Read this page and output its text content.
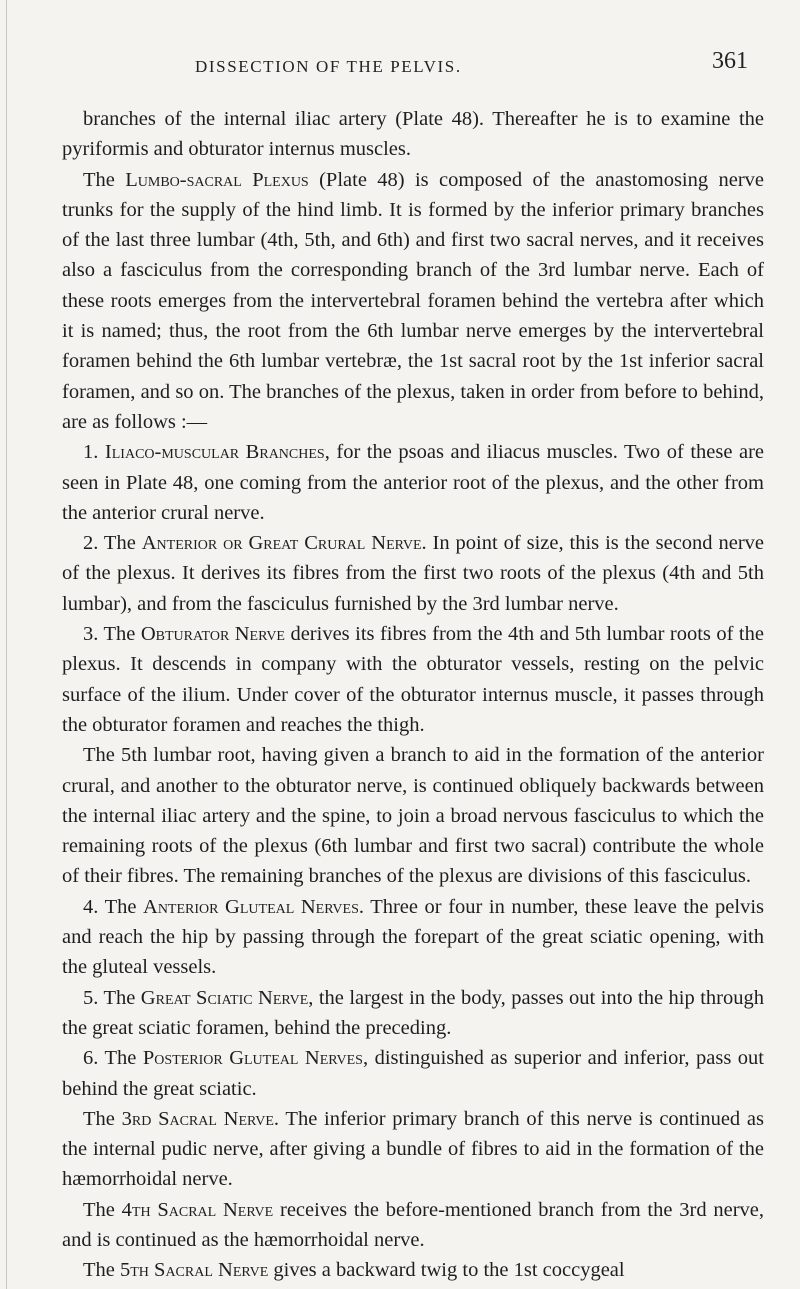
DISSECTION OF THE PELVIS.	361

branches of the internal iliac artery (Plate 48). Thereafter he is to examine the pyriformis and obturator internus muscles.

The Lumbo-sacral Plexus (Plate 48) is composed of the anastomosing nerve trunks for the supply of the hind limb. It is formed by the inferior primary branches of the last three lumbar (4th, 5th, and 6th) and first two sacral nerves, and it receives also a fasciculus from the corresponding branch of the 3rd lumbar nerve. Each of these roots emerges from the intervertebral foramen behind the vertebra after which it is named; thus, the root from the 6th lumbar nerve emerges by the intervertebral foramen behind the 6th lumbar vertebræ, the 1st sacral root by the 1st inferior sacral foramen, and so on. The branches of the plexus, taken in order from before to behind, are as follows :—

1. Iliaco-muscular Branches, for the psoas and iliacus muscles. Two of these are seen in Plate 48, one coming from the anterior root of the plexus, and the other from the anterior crural nerve.

2. The Anterior or Great Crural Nerve. In point of size, this is the second nerve of the plexus. It derives its fibres from the first two roots of the plexus (4th and 5th lumbar), and from the fasciculus furnished by the 3rd lumbar nerve.

3. The Obturator Nerve derives its fibres from the 4th and 5th lumbar roots of the plexus. It descends in company with the obturator vessels, resting on the pelvic surface of the ilium. Under cover of the obturator internus muscle, it passes through the obturator foramen and reaches the thigh.

The 5th lumbar root, having given a branch to aid in the formation of the anterior crural, and another to the obturator nerve, is continued obliquely backwards between the internal iliac artery and the spine, to join a broad nervous fasciculus to which the remaining roots of the plexus (6th lumbar and first two sacral) contribute the whole of their fibres. The remaining branches of the plexus are divisions of this fasciculus.

4. The Anterior Gluteal Nerves. Three or four in number, these leave the pelvis and reach the hip by passing through the forepart of the great sciatic opening, with the gluteal vessels.

5. The Great Sciatic Nerve, the largest in the body, passes out into the hip through the great sciatic foramen, behind the preceding.

6. The Posterior Gluteal Nerves, distinguished as superior and inferior, pass out behind the great sciatic.

The 3rd Sacral Nerve. The inferior primary branch of this nerve is continued as the internal pudic nerve, after giving a bundle of fibres to aid in the formation of the hæmorrhoidal nerve.

The 4th Sacral Nerve receives the before-mentioned branch from the 3rd nerve, and is continued as the hæmorrhoidal nerve.

The 5th Sacral Nerve gives a backward twig to the 1st coccygeal
